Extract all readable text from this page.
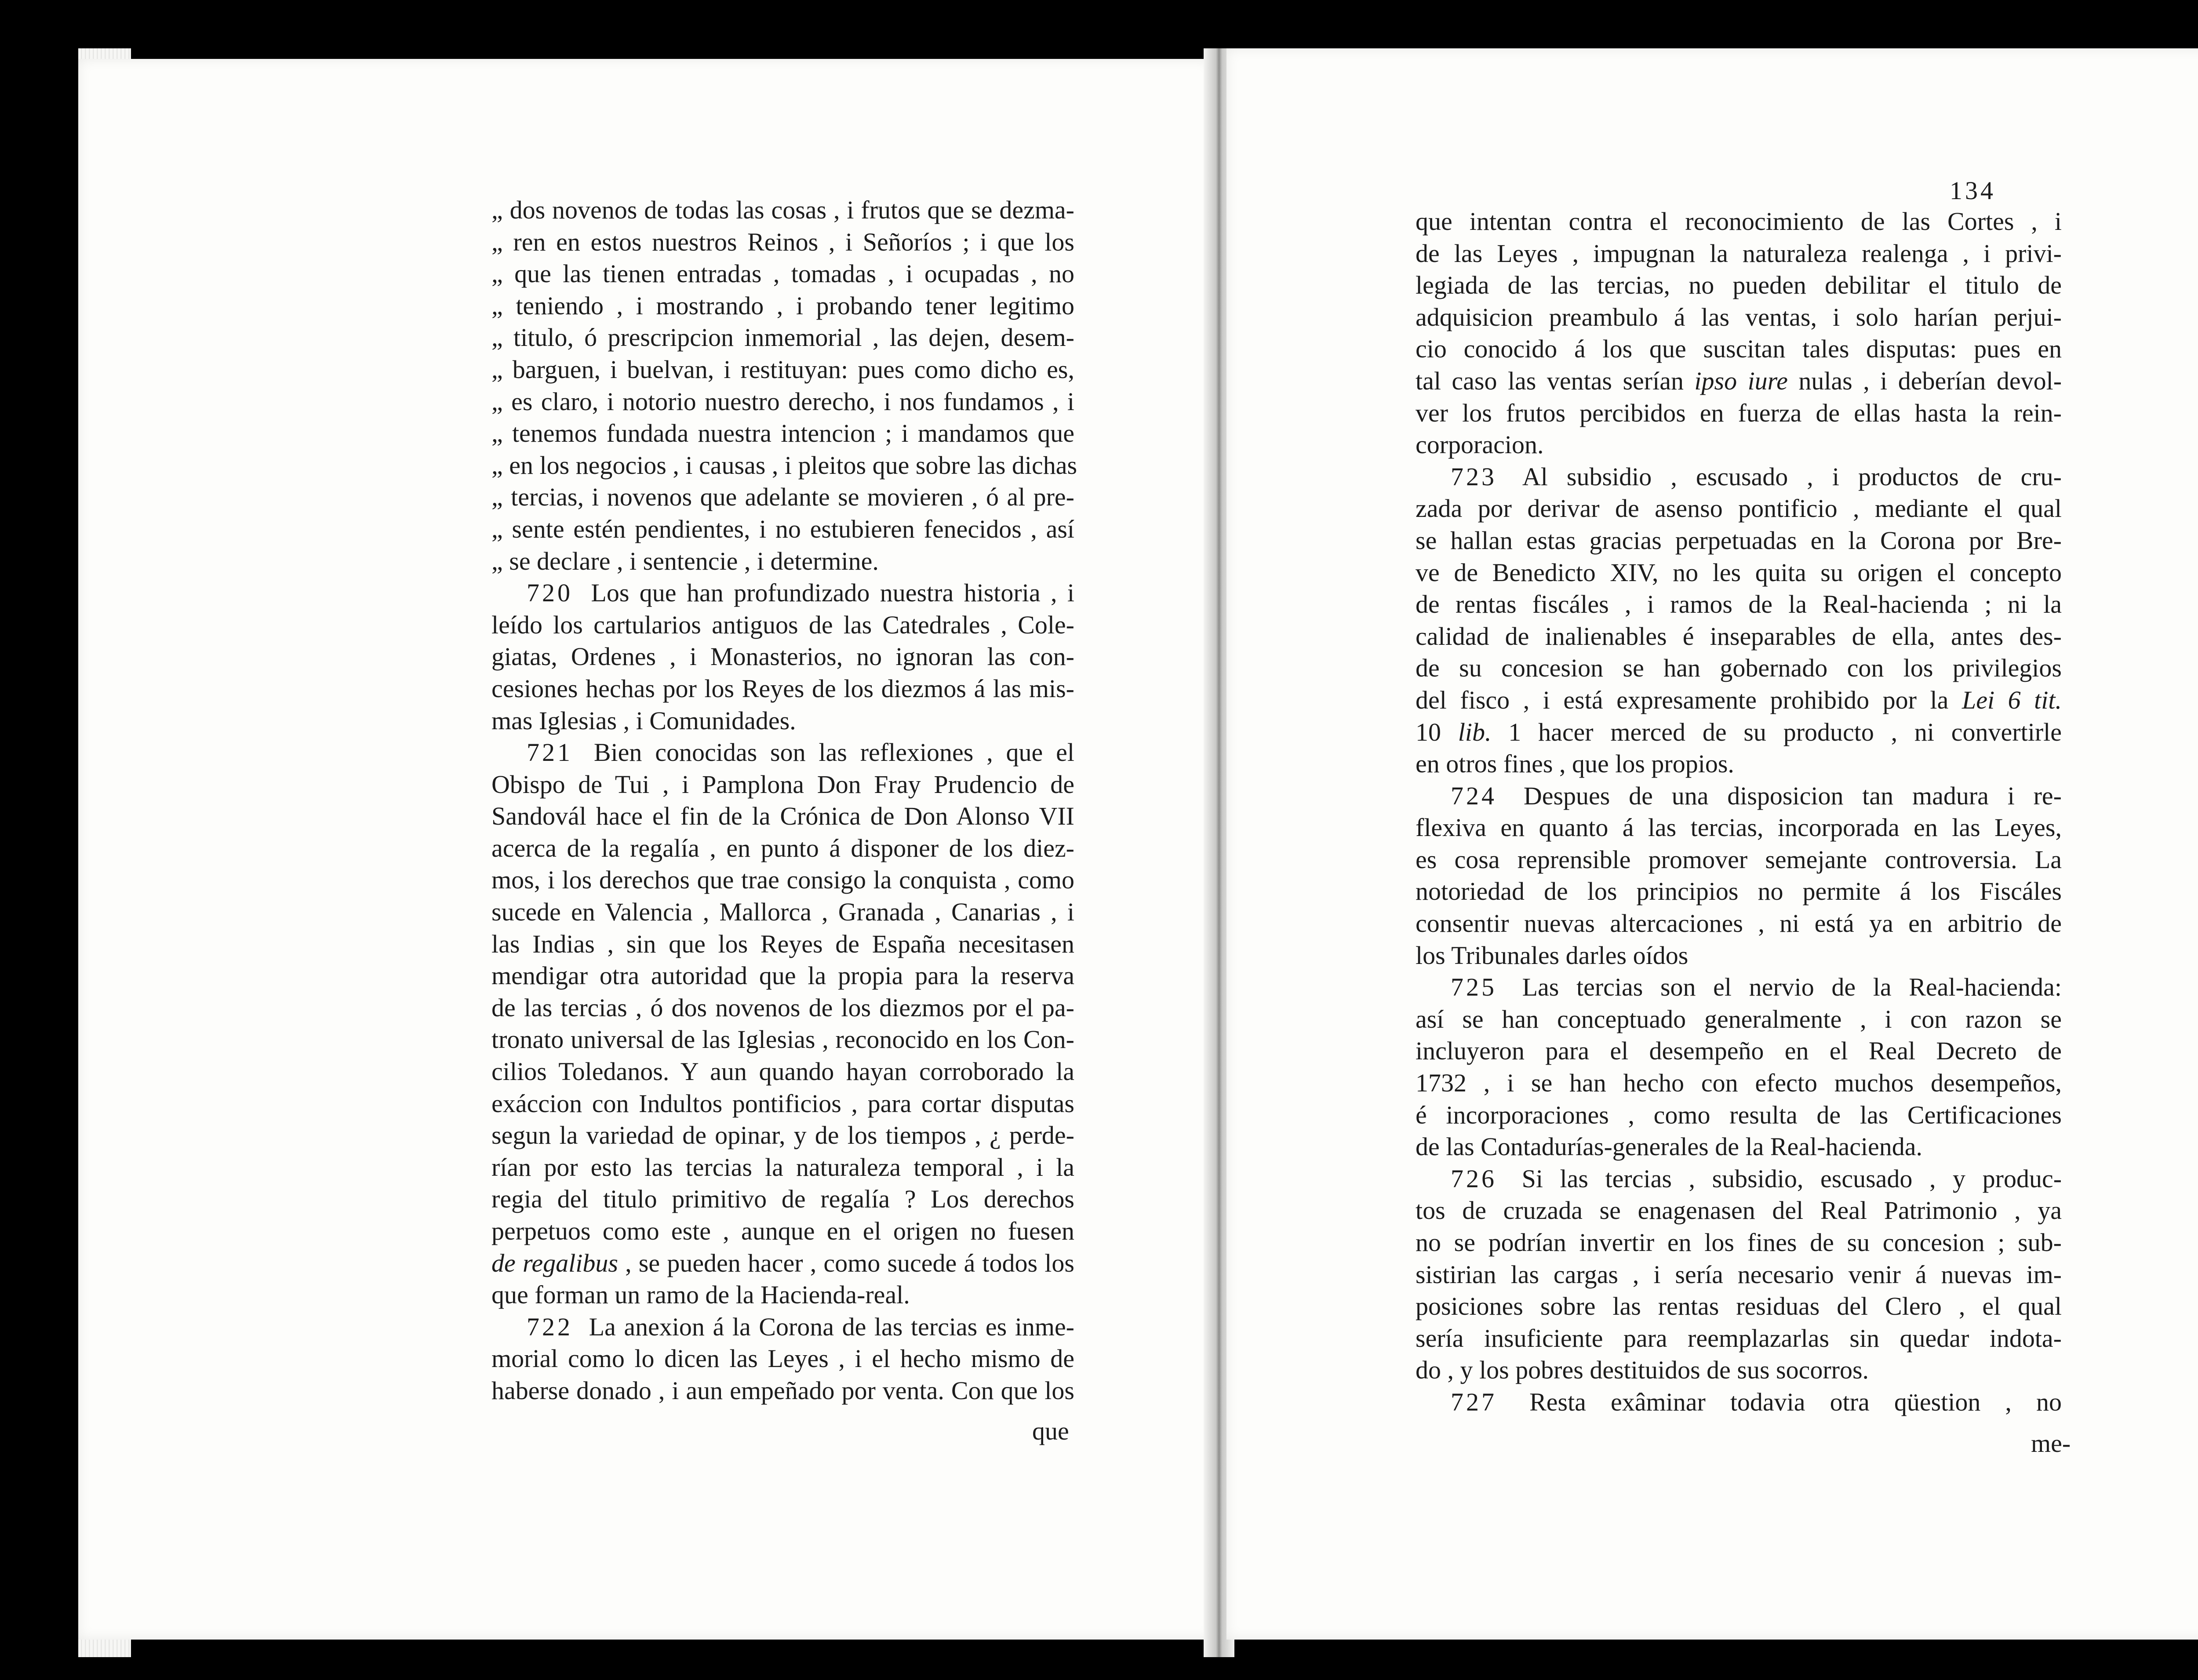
„ dos novenos de todas las cosas , i frutos que se dezma-
„ ren en estos nuestros Reinos , i Señoríos ; i que los
„ que las tienen entradas , tomadas , i ocupadas , no
„ teniendo , i mostrando , i probando tener legitimo
„ titulo, ó prescripcion inmemorial , las dejen, desem-
„ barguen, i buelvan, i restituyan: pues como dicho es,
„ es claro, i notorio nuestro derecho, i nos fundamos , i
„ tenemos fundada nuestra intencion ; i mandamos que
„ en los negocios , i causas , i pleitos que sobre las dichas
„ tercias, i novenos que adelante se movieren , ó al pre-
„ sente estén pendientes, i no estubieren fenecidos , así
„ se declare , i sentencie , i determine.
720 Los que han profundizado nuestra historia , i
leído los cartularios antiguos de las Catedrales , Cole-
giatas, Ordenes , i Monasterios, no ignoran las con-
cesiones hechas por los Reyes de los diezmos á las mis-
mas Iglesias , i Comunidades.
721 Bien conocidas son las reflexiones , que el
Obispo de Tui , i Pamplona Don Fray Prudencio de
Sandovál hace el fin de la Crónica de Don Alonso VII
acerca de la regalía , en punto á disponer de los diez-
mos, i los derechos que trae consigo la conquista , como
sucede en Valencia , Mallorca , Granada , Canarias , i
las Indias , sin que los Reyes de España necesitasen
mendigar otra autoridad que la propia para la reserva
de las tercias , ó dos novenos de los diezmos por el pa-
tronato universal de las Iglesias , reconocido en los Con-
cilios Toledanos. Y aun quando hayan corroborado la
exáccion con Indultos pontificios , para cortar disputas
segun la variedad de opinar, y de los tiempos , ¿ perde-
rían por esto las tercias la naturaleza temporal , i la
regia del titulo primitivo de regalía ? Los derechos
perpetuos como este , aunque en el origen no fuesen
de regalibus , se pueden hacer , como sucede á todos los
que forman un ramo de la Hacienda-real.
722 La anexion á la Corona de las tercias es inme-
morial como lo dicen las Leyes , i el hecho mismo de
haberse donado , i aun empeñado por venta. Con que los
que
134
que intentan contra el reconocimiento de las Cortes , i
de las Leyes , impugnan la naturaleza realenga , i privi-
legiada de las tercias, no pueden debilitar el titulo de
adquisicion preambulo á las ventas, i solo harían perjui-
cio conocido á los que suscitan tales disputas: pues en
tal caso las ventas serían ipso iure nulas , i deberían devol-
ver los frutos percibidos en fuerza de ellas hasta la rein-
corporacion.
723 Al subsidio , escusado , i productos de cru-
zada por derivar de asenso pontificio , mediante el qual
se hallan estas gracias perpetuadas en la Corona por Bre-
ve de Benedicto XIV, no les quita su origen el concepto
de rentas fiscáles , i ramos de la Real-hacienda ; ni la
calidad de inalienables é inseparables de ella, antes des-
de su concesion se han gobernado con los privilegios
del fisco , i está expresamente prohibido por la Lei 6 tit.
10 lib. 1 hacer merced de su producto , ni convertirle
en otros fines , que los propios.
724 Despues de una disposicion tan madura i re-
flexiva en quanto á las tercias, incorporada en las Leyes,
es cosa reprensible promover semejante controversia. La
notoriedad de los principios no permite á los Fiscáles
consentir nuevas altercaciones , ni está ya en arbitrio de
los Tribunales darles oídos
725 Las tercias son el nervio de la Real-hacienda:
así se han conceptuado generalmente , i con razon se
incluyeron para el desempeño en el Real Decreto de
1732 , i se han hecho con efecto muchos desempeños,
é incorporaciones , como resulta de las Certificaciones
de las Contadurías-generales de la Real-hacienda.
726 Si las tercias , subsidio, escusado , y produc-
tos de cruzada se enagenasen del Real Patrimonio , ya
no se podrían invertir en los fines de su concesion ; sub-
sistirian las cargas , i sería necesario venir á nuevas im-
posiciones sobre las rentas residuas del Clero , el qual
sería insuficiente para reemplazarlas sin quedar indota-
do , y los pobres destituidos de sus socorros.
727 Resta exâminar todavia otra qüestion , no
me-
